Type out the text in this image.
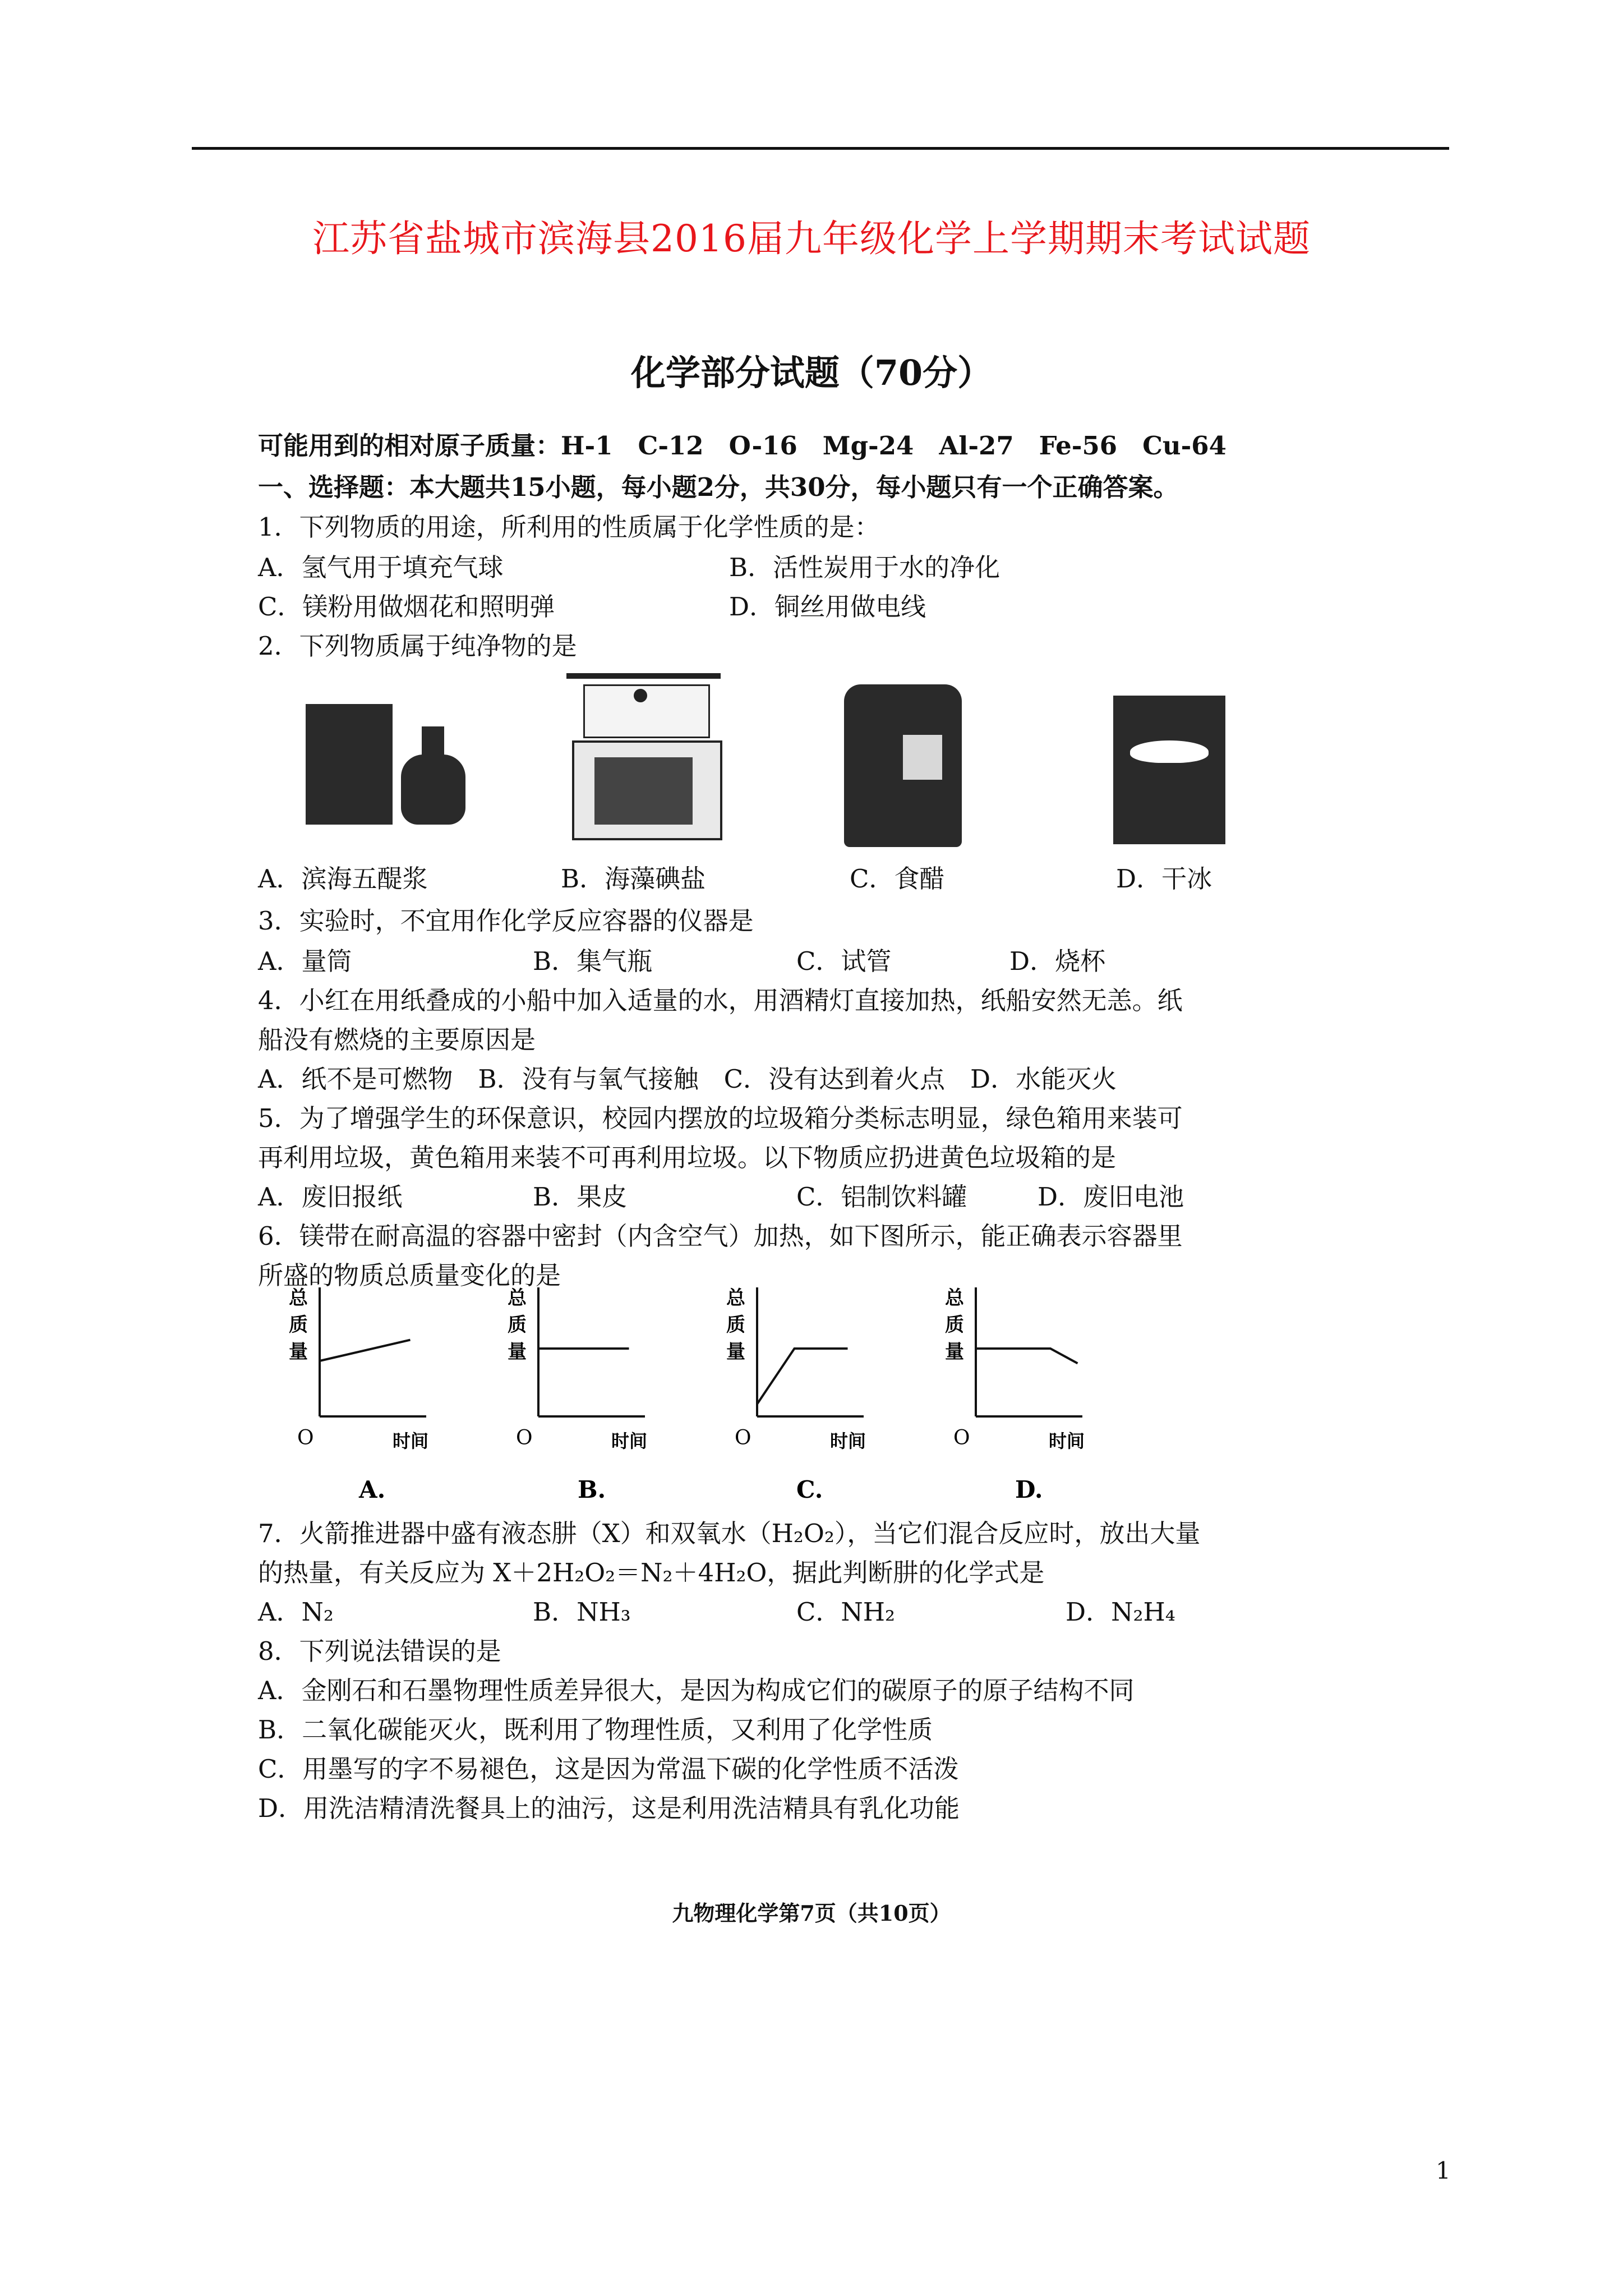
江苏省盐城市滨海县2016届九年级化学上学期期末考试试题
化学部分试题（70分）
可能用到的相对原子质量：H-1　C-12　O-16　Mg-24　Al-27　Fe-56　Cu-64
一、选择题：本大题共15小题，每小题2分，共30分，每小题只有一个正确答案。
1．下列物质的用途，所利用的性质属于化学性质的是：
A．氢气用于填充气球	B．活性炭用于水的净化
C．镁粉用做烟花和照明弹	D．铜丝用做电线
2．下列物质属于纯净物的是
A．滨海五醍浆	B．海藻碘盐	C．食醋	D．干冰
3．实验时，不宜用作化学反应容器的仪器是
A．量筒	B．集气瓶	C．试管	D．烧杯
4．小红在用纸叠成的小船中加入适量的水，用酒精灯直接加热，纸船安然无恙。纸
船没有燃烧的主要原因是
A．纸不是可燃物　B．没有与氧气接触　C．没有达到着火点　D．水能灭火
5．为了增强学生的环保意识，校园内摆放的垃圾箱分类标志明显，绿色箱用来装可
再利用垃圾，黄色箱用来装不可再利用垃圾。以下物质应扔进黄色垃圾箱的是
A．废旧报纸	B．果皮	C．铝制饮料罐	D．废旧电池
6．镁带在耐高温的容器中密封（内含空气）加热，如下图所示，能正确表示容器里
所盛的物质总质量变化的是
总
质
量
O	时间
A.
总
质
量
O	时间
B.
总
质
量
O	时间
C.
总
质
量
O	时间
D.
7．火箭推进器中盛有液态肼（X）和双氧水（H₂O₂），当它们混合反应时，放出大量
的热量，有关反应为 X＋2H₂O₂＝N₂＋4H₂O，据此判断肼的化学式是
A．N₂	B．NH₃	C．NH₂	D．N₂H₄
8．下列说法错误的是
A．金刚石和石墨物理性质差异很大，是因为构成它们的碳原子的原子结构不同
B．二氧化碳能灭火，既利用了物理性质，又利用了化学性质
C．用墨写的字不易褪色，这是因为常温下碳的化学性质不活泼
D．用洗洁精清洗餐具上的油污，这是利用洗洁精具有乳化功能
九物理化学第7页（共10页）
1
